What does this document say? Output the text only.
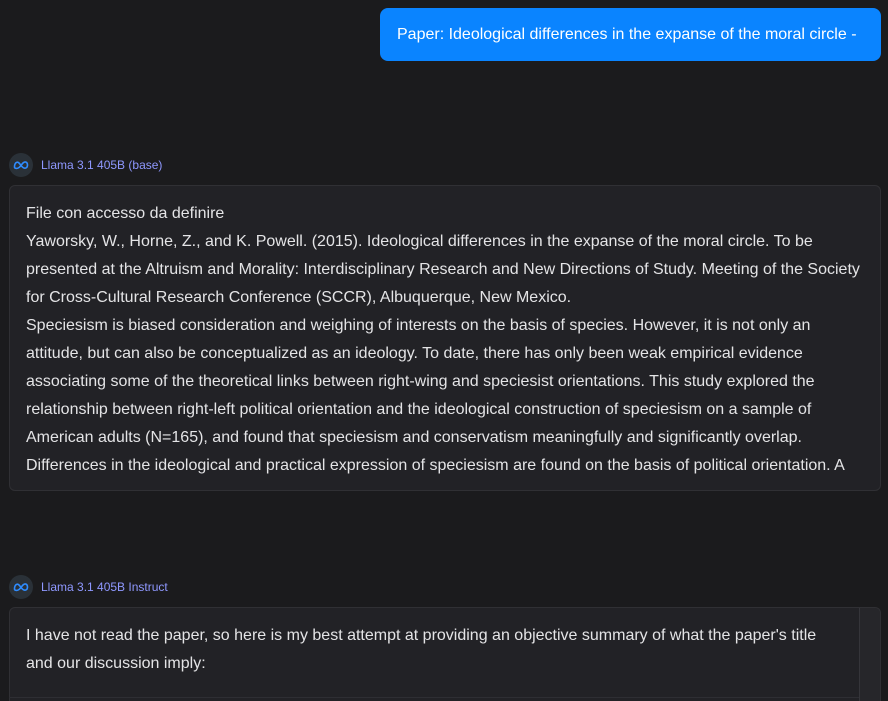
Paper: Ideological differences in the expanse of the moral circle -
Llama 3.1 405B (base)

File con accesso da definire

Yaworsky, W., Horne, Z., and K. Powell. (2015). Ideological differences in the expanse of the moral circle. To be presented at the Altruism and Morality: Interdisciplinary Research and New Directions of Study. Meeting of the Society for Cross-Cultural Research Conference (SCCR), Albuquerque, New Mexico.

Speciesism is biased consideration and weighing of interests on the basis of species. However, it is not only an attitude, but can also be conceptualized as an ideology. To date, there has only been weak empirical evidence associating some of the theoretical links between right-wing and speciesist orientations. This study explored the relationship between right-left political orientation and the ideological construction of speciesism on a sample of American adults (N=165), and found that speciesism and conservatism meaningfully and significantly overlap. Differences in the ideological and practical expression of speciesism are found on the basis of political orientation. A

Llama 3.1 405B Instruct

I have not read the paper, so here is my best attempt at providing an objective summary of what the paper's title and our discussion imply:
